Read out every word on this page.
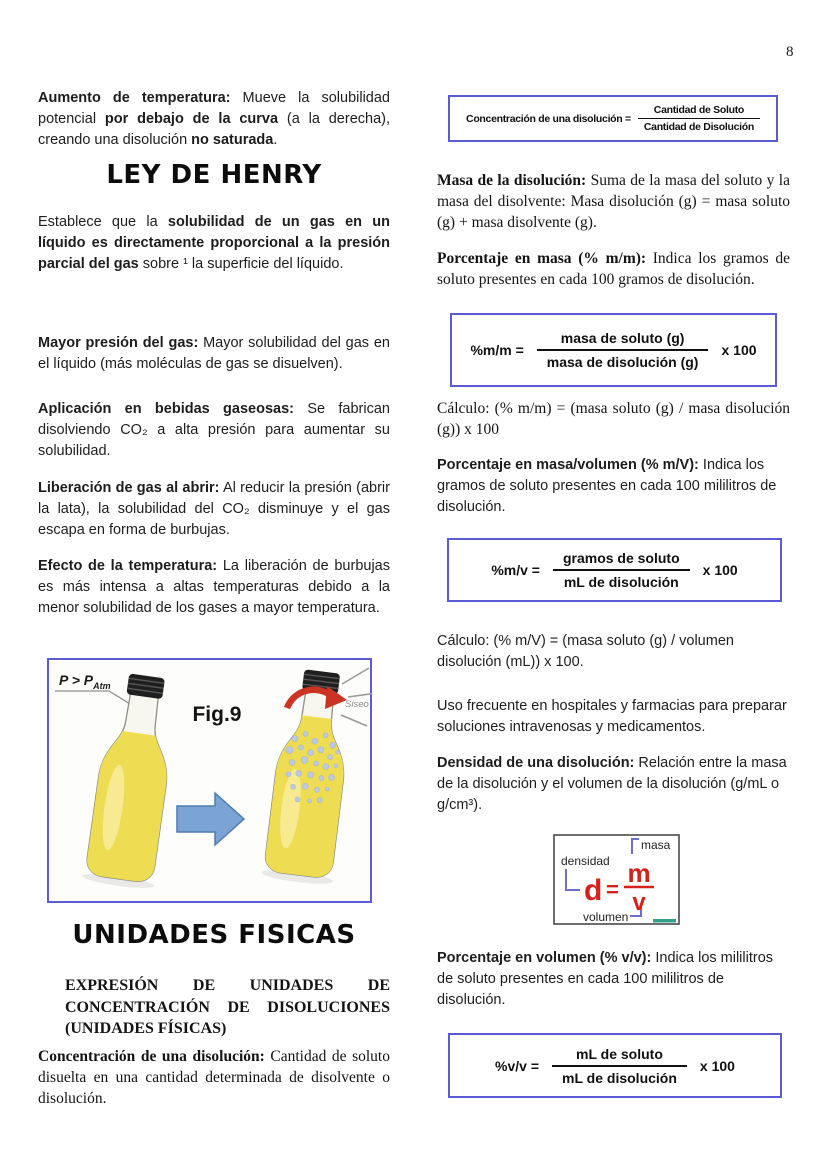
8

Aumento de temperatura: Mueve la solubilidad potencial por debajo de la curva (a la derecha), creando una disolución no saturada.

LEY DE HENRY

Establece que la solubilidad de un gas en un líquido es directamente proporcional a la presión parcial del gas sobre ¹ la superficie del líquido.

Mayor presión del gas: Mayor solubilidad del gas en el líquido (más moléculas de gas se disuelven).

Aplicación en bebidas gaseosas: Se fabrican disolviendo CO₂ a alta presión para aumentar su solubilidad.

Liberación de gas al abrir: Al reducir la presión (abrir la lata), la solubilidad del CO₂ disminuye y el gas escapa en forma de burbujas.

Efecto de la temperatura: La liberación de burbujas es más intensa a altas temperaturas debido a la menor solubilidad de los gases a mayor temperatura.

Fig.9
$P > P_{Atm}$
Siseo
UNIDADES FISICAS

EXPRESIÓN DE UNIDADES DE CONCENTRACIÓN DE DISOLUCIONES (UNIDADES FÍSICAS)

Concentración de una disolución: Cantidad de soluto disuelta en una cantidad determinada de disolvente o disolución.

Concentración de una disolución = $\frac{\text{Cantidad de Soluto}}{\text{Cantidad de Disolución}}$

Masa de la disolución: Suma de la masa del soluto y la masa del disolvente: Masa disolución (g) = masa soluto (g) + masa disolvente (g).

Porcentaje en masa (% m/m): Indica los gramos de soluto presentes en cada 100 gramos de disolución.

$\%m/m = \frac{\text{masa de soluto (g)}}{\text{masa de disolución (g)}}$ x 100

Cálculo: (% m/m) = (masa soluto (g) / masa disolución (g)) x 100

Porcentaje en masa/volumen (% m/V): Indica los gramos de soluto presentes en cada 100 mililitros de disolución.

$\%m/v = \frac{\text{gramos de soluto}}{\text{mL de disolución}}$ x 100

Cálculo: (% m/V) = (masa soluto (g) / volumen disolución (mL)) x 100.

Uso frecuente en hospitales y farmacias para preparar soluciones intravenosas y medicamentos.

Densidad de una disolución: Relación entre la masa de la disolución y el volumen de la disolución (g/mL o g/cm³).

densidad
masa
volumen
d =
m
v

Porcentaje en volumen (% v/v): Indica los mililitros de soluto presentes en cada 100 mililitros de disolución.

$\%v/v = \frac{\text{mL de soluto}}{\text{mL de disolución}}$ x 100
